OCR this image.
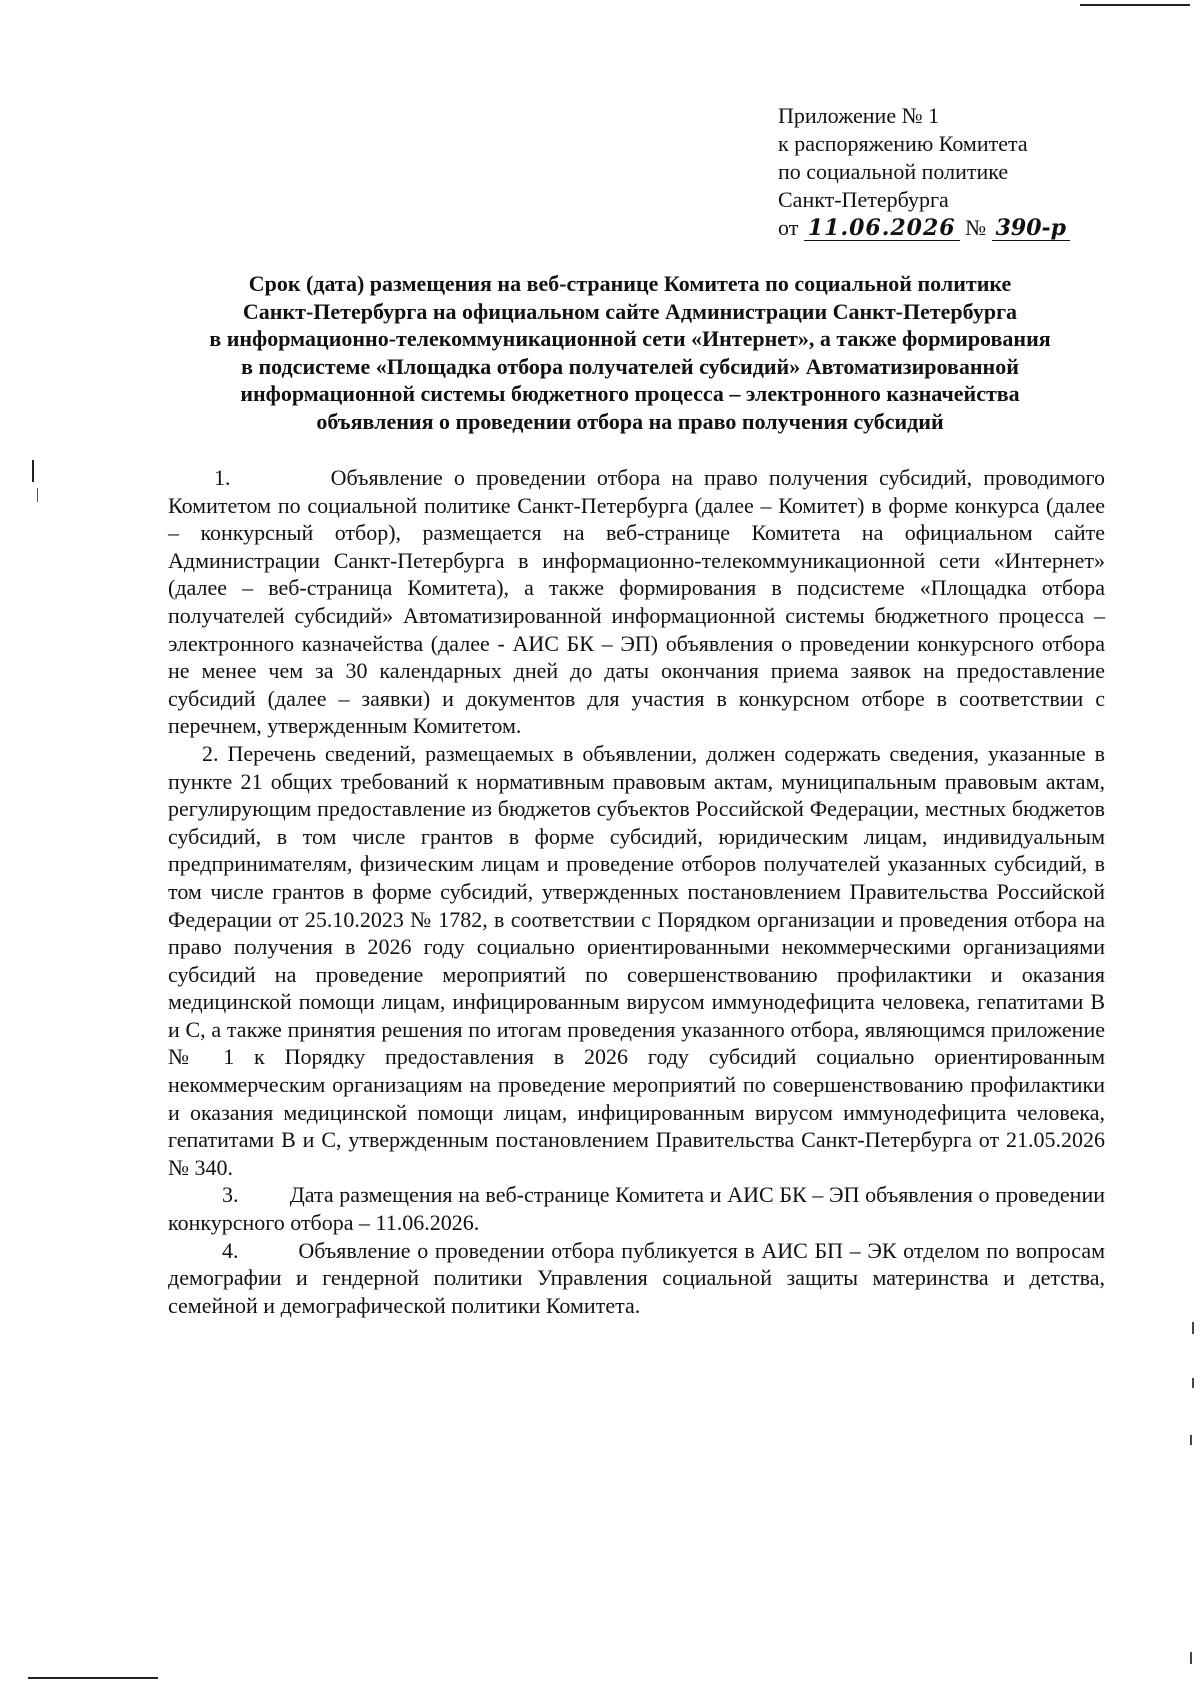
Приложение № 1
к распоряжению Комитета
по социальной политике
Санкт-Петербурга
от 11.06.2026 № 390-р
Срок (дата) размещения на веб-странице Комитета по социальной политике
Санкт-Петербурга на официальном сайте Администрации Санкт-Петербурга
в информационно-телекоммуникационной сети «Интернет», а также формирования
в подсистеме «Площадка отбора получателей субсидий» Автоматизированной
информационной системы бюджетного процесса – электронного казначейства
объявления о проведении отбора на право получения субсидий

1.         Объявление о проведении отбора на право получения субсидий, проводимого Комитетом по социальной политике Санкт-Петербурга (далее – Комитет) в форме конкурса (далее – конкурсный отбор), размещается на веб-странице Комитета на официальном сайте Администрации Санкт-Петербурга в информационно-телекоммуникационной сети «Интернет» (далее – веб-страница Комитета), а также формирования в подсистеме «Площадка отбора получателей субсидий» Автоматизированной информационной системы бюджетного процесса – электронного казначейства (далее - АИС БК – ЭП) объявления о проведении конкурсного отбора не менее чем за 30 календарных дней до даты окончания приема заявок на предоставление субсидий (далее – заявки) и документов для участия в конкурсном отборе в соответствии с перечнем, утвержденным Комитетом.

2. Перечень сведений, размещаемых в объявлении, должен содержать сведения, указанные в пункте 21 общих требований к нормативным правовым актам, муниципальным правовым актам, регулирующим предоставление из бюджетов субъектов Российской Федерации, местных бюджетов субсидий, в том числе грантов в форме субсидий, юридическим лицам, индивидуальным предпринимателям, физическим лицам и проведение отборов получателей указанных субсидий, в том числе грантов в форме субсидий, утвержденных постановлением Правительства Российской Федерации от 25.10.2023 № 1782, в соответствии с Порядком организации и проведения отбора на право получения в 2026 году социально ориентированными некоммерческими организациями субсидий на проведение мероприятий по совершенствованию профилактики и оказания медицинской помощи лицам, инфицированным вирусом иммунодефицита человека, гепатитами В и С, а также принятия решения по итогам проведения указанного отбора, являющимся приложение № 1 к Порядку предоставления в 2026 году субсидий социально ориентированным некоммерческим организациям на проведение мероприятий по совершенствованию профилактики и оказания медицинской помощи лицам, инфицированным вирусом иммунодефицита человека, гепатитами В и С, утвержденным постановлением Правительства Санкт-Петербурга от 21.05.2026 № 340.

3.         Дата размещения на веб-странице Комитета и АИС БК – ЭП объявления о проведении конкурсного отбора – 11.06.2026.

4.         Объявление о проведении отбора публикуется в АИС БП – ЭК отделом по вопросам демографии и гендерной политики Управления социальной защиты материнства и детства, семейной и демографической политики Комитета.
